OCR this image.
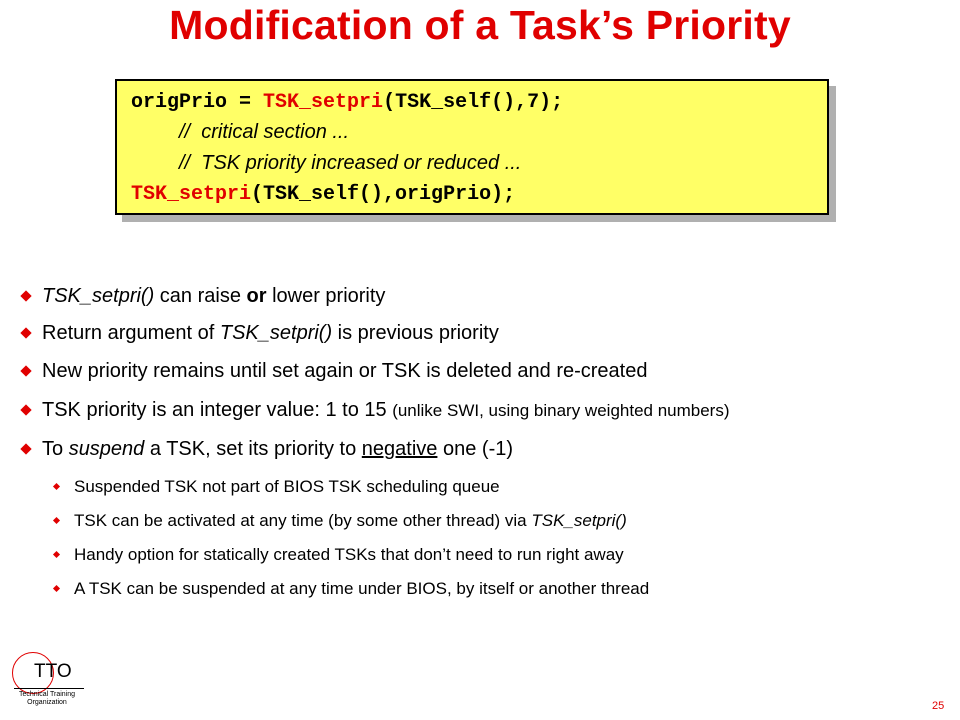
Modification of a Task’s Priority
origPrio = TSK_setpri(TSK_self(),7);
//  critical section ...
//  TSK priority increased or reduced ...
TSK_setpri(TSK_self(),origPrio);
TSK_setpri() can raise or lower priority
Return argument of TSK_setpri() is previous priority
New priority remains until set again or TSK is deleted and re-created
TSK priority is an integer value: 1 to 15 (unlike SWI, using binary weighted numbers)
To suspend a TSK, set its priority to negative one (-1)
Suspended TSK not part of BIOS TSK scheduling queue
TSK can be activated at any time (by some other thread) via TSK_setpri()
Handy option for statically created TSKs that don’t need to run right away
A TSK can be suspended at any time under BIOS, by itself or another thread
TTO
Technical Training
Organization	25
